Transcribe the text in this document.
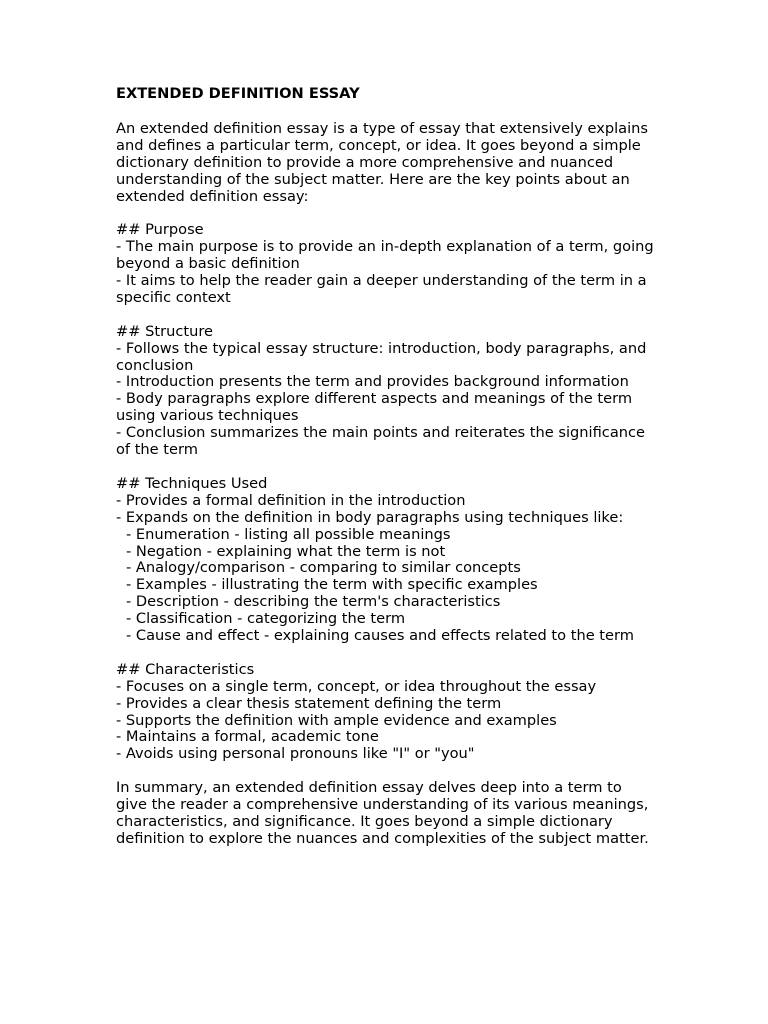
EXTENDED DEFINITION ESSAY
An extended definition essay is a type of essay that extensively explains and defines a particular term, concept, or idea. It goes beyond a simple dictionary definition to provide a more comprehensive and nuanced understanding of the subject matter. Here are the key points about an extended definition essay:
## Purpose
- The main purpose is to provide an in-depth explanation of a term, going beyond a basic definition
- It aims to help the reader gain a deeper understanding of the term in a specific context
## Structure
- Follows the typical essay structure: introduction, body paragraphs, and conclusion
- Introduction presents the term and provides background information
- Body paragraphs explore different aspects and meanings of the term using various techniques
- Conclusion summarizes the main points and reiterates the significance of the term
## Techniques Used
- Provides a formal definition in the introduction
- Expands on the definition in body paragraphs using techniques like:
- Enumeration - listing all possible meanings
- Negation - explaining what the term is not
- Analogy/comparison - comparing to similar concepts
- Examples - illustrating the term with specific examples
- Description - describing the term's characteristics
- Classification - categorizing the term
- Cause and effect - explaining causes and effects related to the term
## Characteristics
- Focuses on a single term, concept, or idea throughout the essay
- Provides a clear thesis statement defining the term
- Supports the definition with ample evidence and examples
- Maintains a formal, academic tone
- Avoids using personal pronouns like "I" or "you"
In summary, an extended definition essay delves deep into a term to give the reader a comprehensive understanding of its various meanings, characteristics, and significance. It goes beyond a simple dictionary definition to explore the nuances and complexities of the subject matter.
